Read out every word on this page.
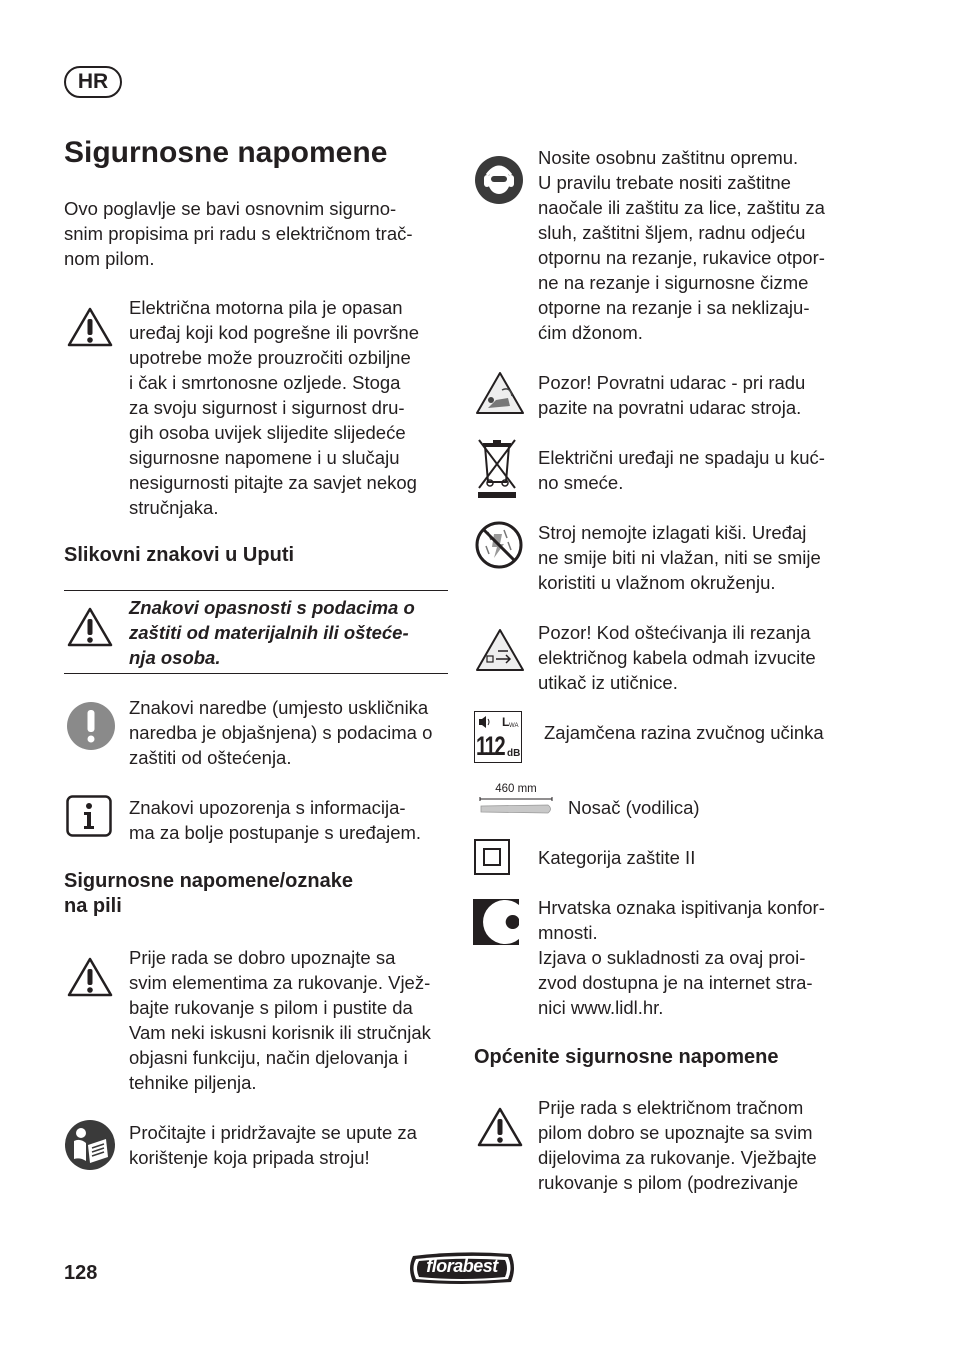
HR
Sigurnosne napomene

Ovo poglavlje se bavi osnovnim sigurno-
snim propisima pri radu s električnom trač-
nom pilom.

Električna motorna pila je opasan
uređaj koji kod pogrešne ili površne
upotrebe može prouzročiti ozbiljne
i čak i smrtonosne ozljede. Stoga
za svoju sigurnost i sigurnost dru-
gih osoba uvijek slijedite slijedeće
sigurnosne napomene i u slučaju
nesigurnosti pitajte za savjet nekog
stručnjaka.

Slikovni znakovi u Uputi

Znakovi opasnosti s podacima o
zaštiti od materijalnih ili ošteće-
nja osoba.

Znakovi naredbe (umjesto uskličnika
naredba je objašnjena) s podacima o
zaštiti od oštećenja.

Znakovi upozorenja s informacija-
ma za bolje postupanje s uređajem.

Sigurnosne napomene/oznake
na pili

Prije rada se dobro upoznajte sa
svim elementima za rukovanje. Vjež-
bajte rukovanje s pilom i pustite da
Vam neki iskusni korisnik ili stručnjak
objasni funkciju, način djelovanja i
tehnike piljenja.

Pročitajte i pridržavajte se upute za
korištenje koja pripada stroju!

Nosite osobnu zaštitnu opremu.
U pravilu trebate nositi zaštitne
naočale ili zaštitu za lice, zaštitu za
sluh, zaštitni šljem, radnu odjeću
otpornu na rezanje, rukavice otpor-
ne na rezanje i sigurnosne čizme
otporne na rezanje i sa neklizaju-
ćim džonom.

Pozor! Povratni udarac - pri radu
pazite na povratni udarac stroja.

Električni uređaji ne spadaju u kuć-
no smeće.

Stroj nemojte izlagati kiši. Uređaj
ne smije biti ni vlažan, niti se smije
koristiti u vlažnom okruženju.

Pozor! Kod oštećivanja ili rezanja
električnog kabela odmah izvucite
utikač iz utičnice.

L WA
112 dB

Zajamčena razina zvučnog učinka

460 mm

Nosač (vodilica)

Kategorija zaštite II

Hrvatska oznaka ispitivanja konfor-
mnosti.
Izjava o sukladnosti za ovaj proi-
zvod dostupna je na internet stra-
nici www.lidl.hr.

Općenite sigurnosne napomene

Prije rada s električnom tračnom
pilom dobro se upoznajte sa svim
dijelovima za rukovanje. Vježbajte
rukovanje s pilom (podrezivanje

128	florabest
